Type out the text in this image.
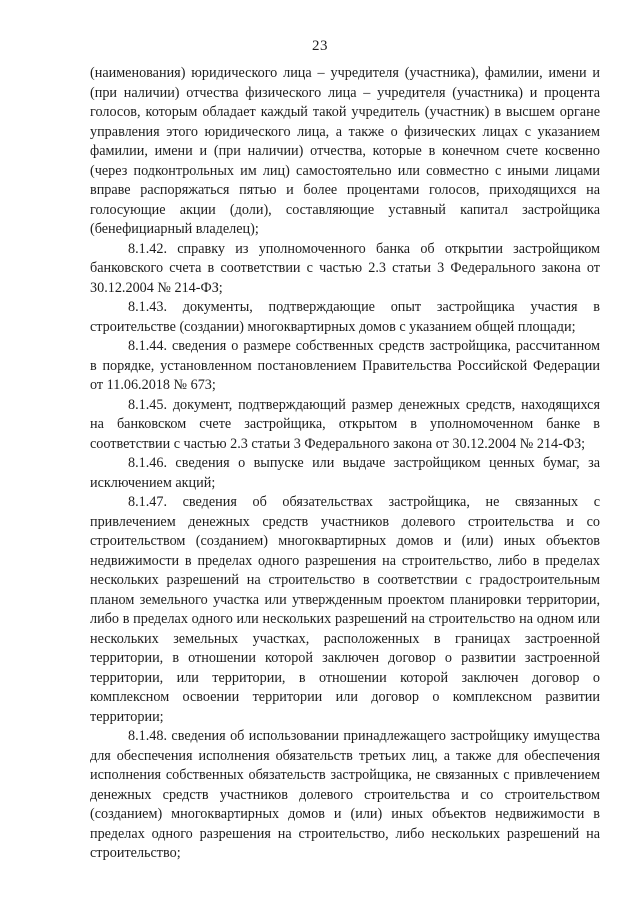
23

(наименования) юридического лица – учредителя (участника), фамилии, имени и (при наличии) отчества физического лица – учредителя (участника) и процента голосов, которым обладает каждый такой учредитель (участник) в высшем органе управления этого юридического лица, а также о физических лицах с указанием фамилии, имени и (при наличии) отчества, которые в конечном счете косвенно (через подконтрольных им лиц) самостоятельно или совместно с иными лицами вправе распоряжаться пятью и более процентами голосов, приходящихся на голосующие акции (доли), составляющие уставный капитал застройщика (бенефициарный владелец);

8.1.42. справку из уполномоченного банка об открытии застройщиком банковского счета в соответствии с частью 2.3 статьи 3 Федерального закона от 30.12.2004 № 214-ФЗ;

8.1.43. документы, подтверждающие опыт застройщика участия в строительстве (создании) многоквартирных домов с указанием общей площади;

8.1.44. сведения о размере собственных средств застройщика, рассчитанном в порядке, установленном постановлением Правительства Российской Федерации от 11.06.2018 № 673;

8.1.45. документ, подтверждающий размер денежных средств, находящихся на банковском счете застройщика, открытом в уполномоченном банке в соответствии с частью 2.3 статьи 3 Федерального закона от 30.12.2004 № 214-ФЗ;

8.1.46. сведения о выпуске или выдаче застройщиком ценных бумаг, за исключением акций;

8.1.47. сведения об обязательствах застройщика, не связанных с привлечением денежных средств участников долевого строительства и со строительством (созданием) многоквартирных домов и (или) иных объектов недвижимости в пределах одного разрешения на строительство, либо в пределах нескольких разрешений на строительство в соответствии с градостроительным планом земельного участка или утвержденным проектом планировки территории, либо в пределах одного или нескольких разрешений на строительство на одном или нескольких земельных участках, расположенных в границах застроенной территории, в отношении которой заключен договор о развитии застроенной территории, или территории, в отношении которой заключен договор о комплексном освоении территории или договор о комплексном развитии территории;

8.1.48. сведения об использовании принадлежащего застройщику имущества для обеспечения исполнения обязательств третьих лиц, а также для обеспечения исполнения собственных обязательств застройщика, не связанных с привлечением денежных средств участников долевого строительства и со строительством (созданием) многоквартирных домов и (или) иных объектов недвижимости в пределах одного разрешения на строительство, либо нескольких разрешений на строительство;
